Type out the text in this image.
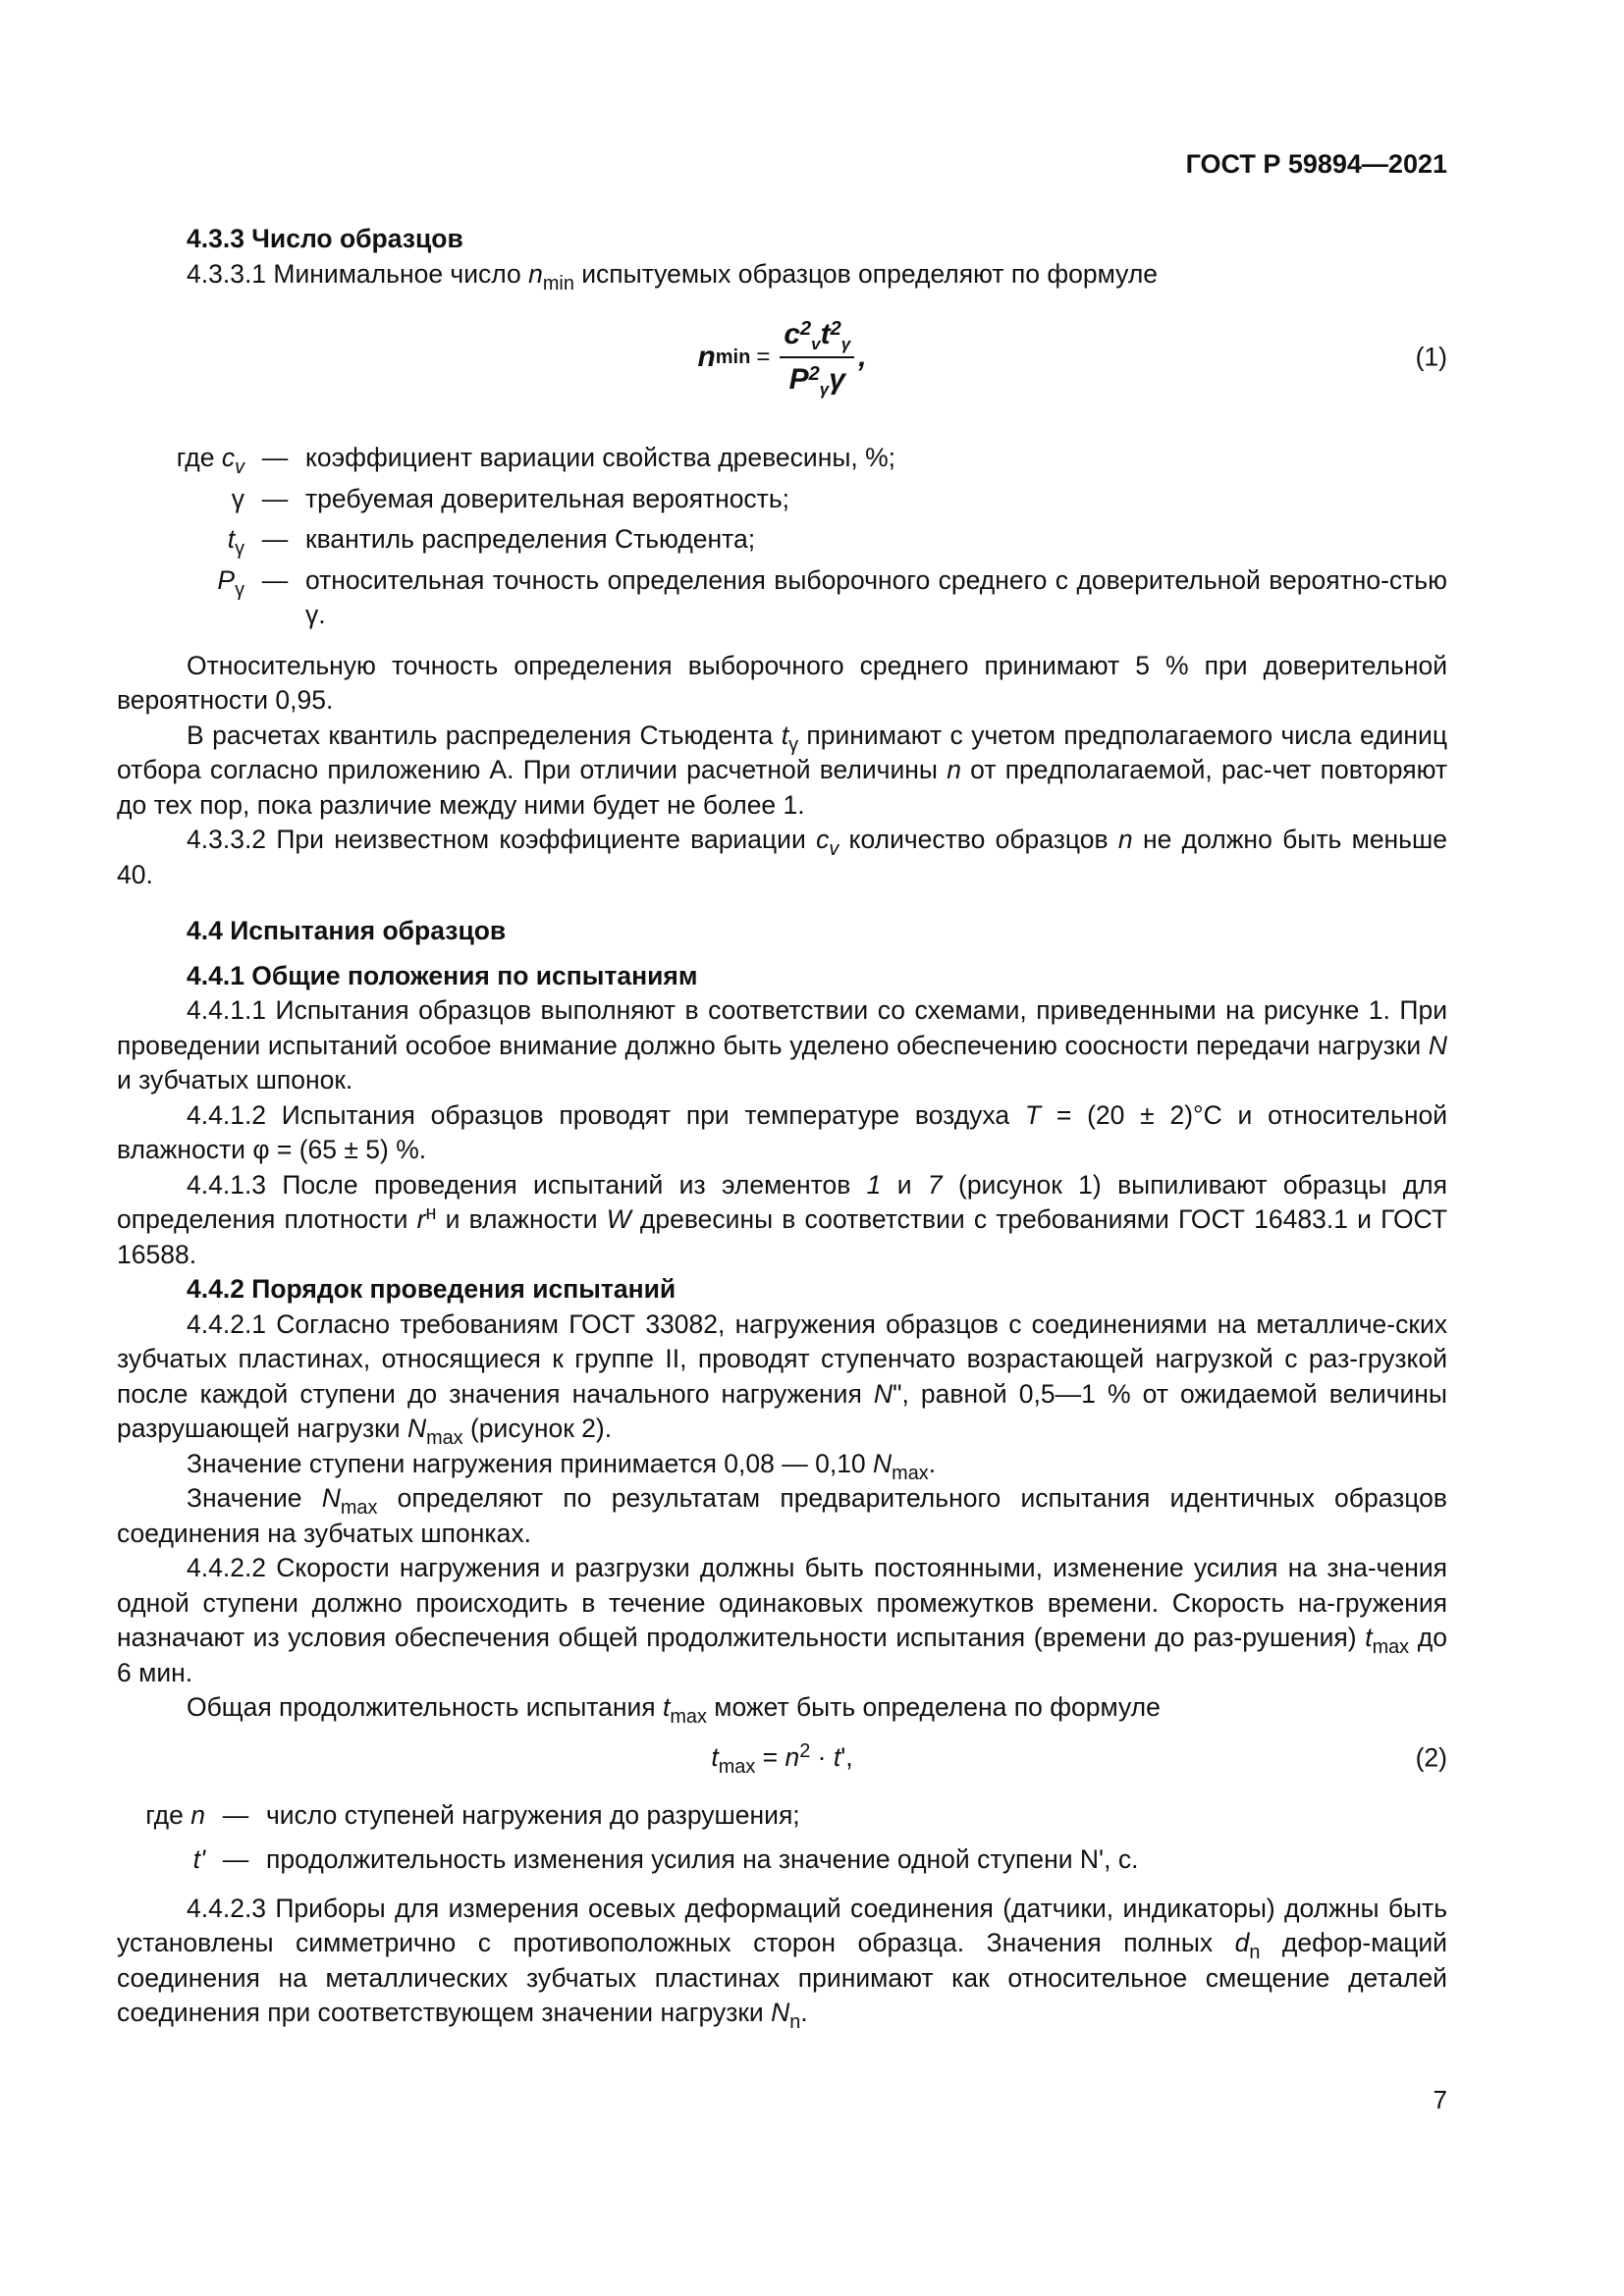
ГОСТ Р 59894—2021

4.3.3 Число образцов

4.3.3.1 Минимальное число $n_{min}$ испытуемых образцов определяют по формуле

n $\min = \frac{c^2_vt^2_\gamma}{P^2_\gamma\gamma}$ ,	(1)
где $c_v$ — коэффициент вариации свойства древесины, %;
γ — требуемая доверительная вероятность;
$t_\gamma$ — квантиль распределения Стьюдента;
$P_\gamma$ — относительная точность определения выборочного среднего с доверительной вероятно-стью γ.

Относительную точность определения выборочного среднего принимают 5 % при доверительной вероятности 0,95.

В расчетах квантиль распределения Стьюдента $t_\gamma$ принимают с учетом предполагаемого числа единиц отбора согласно приложению А. При отличии расчетной величины n от предполагаемой, рас-чет повторяют до тех пор, пока различие между ними будет не более 1.

4.3.3.2 При неизвестном коэффициенте вариации $c_v$ количество образцов n не должно быть меньше 40.

4.4 Испытания образцов

4.4.1 Общие положения по испытаниям

4.4.1.1 Испытания образцов выполняют в соответствии со схемами, приведенными на рисунке 1. При проведении испытаний особое внимание должно быть уделено обеспечению соосности передачи нагрузки N и зубчатых шпонок.

4.4.1.2 Испытания образцов проводят при температуре воздуха T = (20 ± 2)°С и относительной влажности φ = (65 ± 5) %.

4.4.1.3 После проведения испытаний из элементов 1 и 7 (рисунок 1) выпиливают образцы для определения плотности $r^н$ и влажности W древесины в соответствии с требованиями ГОСТ 16483.1 и ГОСТ 16588.

4.4.2 Порядок проведения испытаний

4.4.2.1 Согласно требованиям ГОСТ 33082, нагружения образцов с соединениями на металличе-ских зубчатых пластинах, относящиеся к группе II, проводят ступенчато возрастающей нагрузкой с раз-грузкой после каждой ступени до значения начального нагружения N", равной 0,5—1 % от ожидаемой величины разрушающей нагрузки $N_{max}$ (рисунок 2).

Значение ступени нагружения принимается 0,08 — 0,10 $N_{max}$.

Значение $N_{max}$ определяют по результатам предварительного испытания идентичных образцов соединения на зубчатых шпонках.

4.4.2.2 Скорости нагружения и разгрузки должны быть постоянными, изменение усилия на зна-чения одной ступени должно происходить в течение одинаковых промежутков времени. Скорость на-гружения назначают из условия обеспечения общей продолжительности испытания (времени до раз-рушения) $t_{max}$ до 6 мин.

Общая продолжительность испытания $t_{max}$ может быть определена по формуле

$t_{max} = n^2 \cdot t'$,	(2)
где n — число ступеней нагружения до разрушения;
t' — продолжительность изменения усилия на значение одной ступени N', с.

4.4.2.3 Приборы для измерения осевых деформаций соединения (датчики, индикаторы) должны быть установлены симметрично с противоположных сторон образца. Значения полных $d_n$ дефор-маций соединения на металлических зубчатых пластинах принимают как относительное смещение деталей соединения при соответствующем значении нагрузки $N_n$.

7
